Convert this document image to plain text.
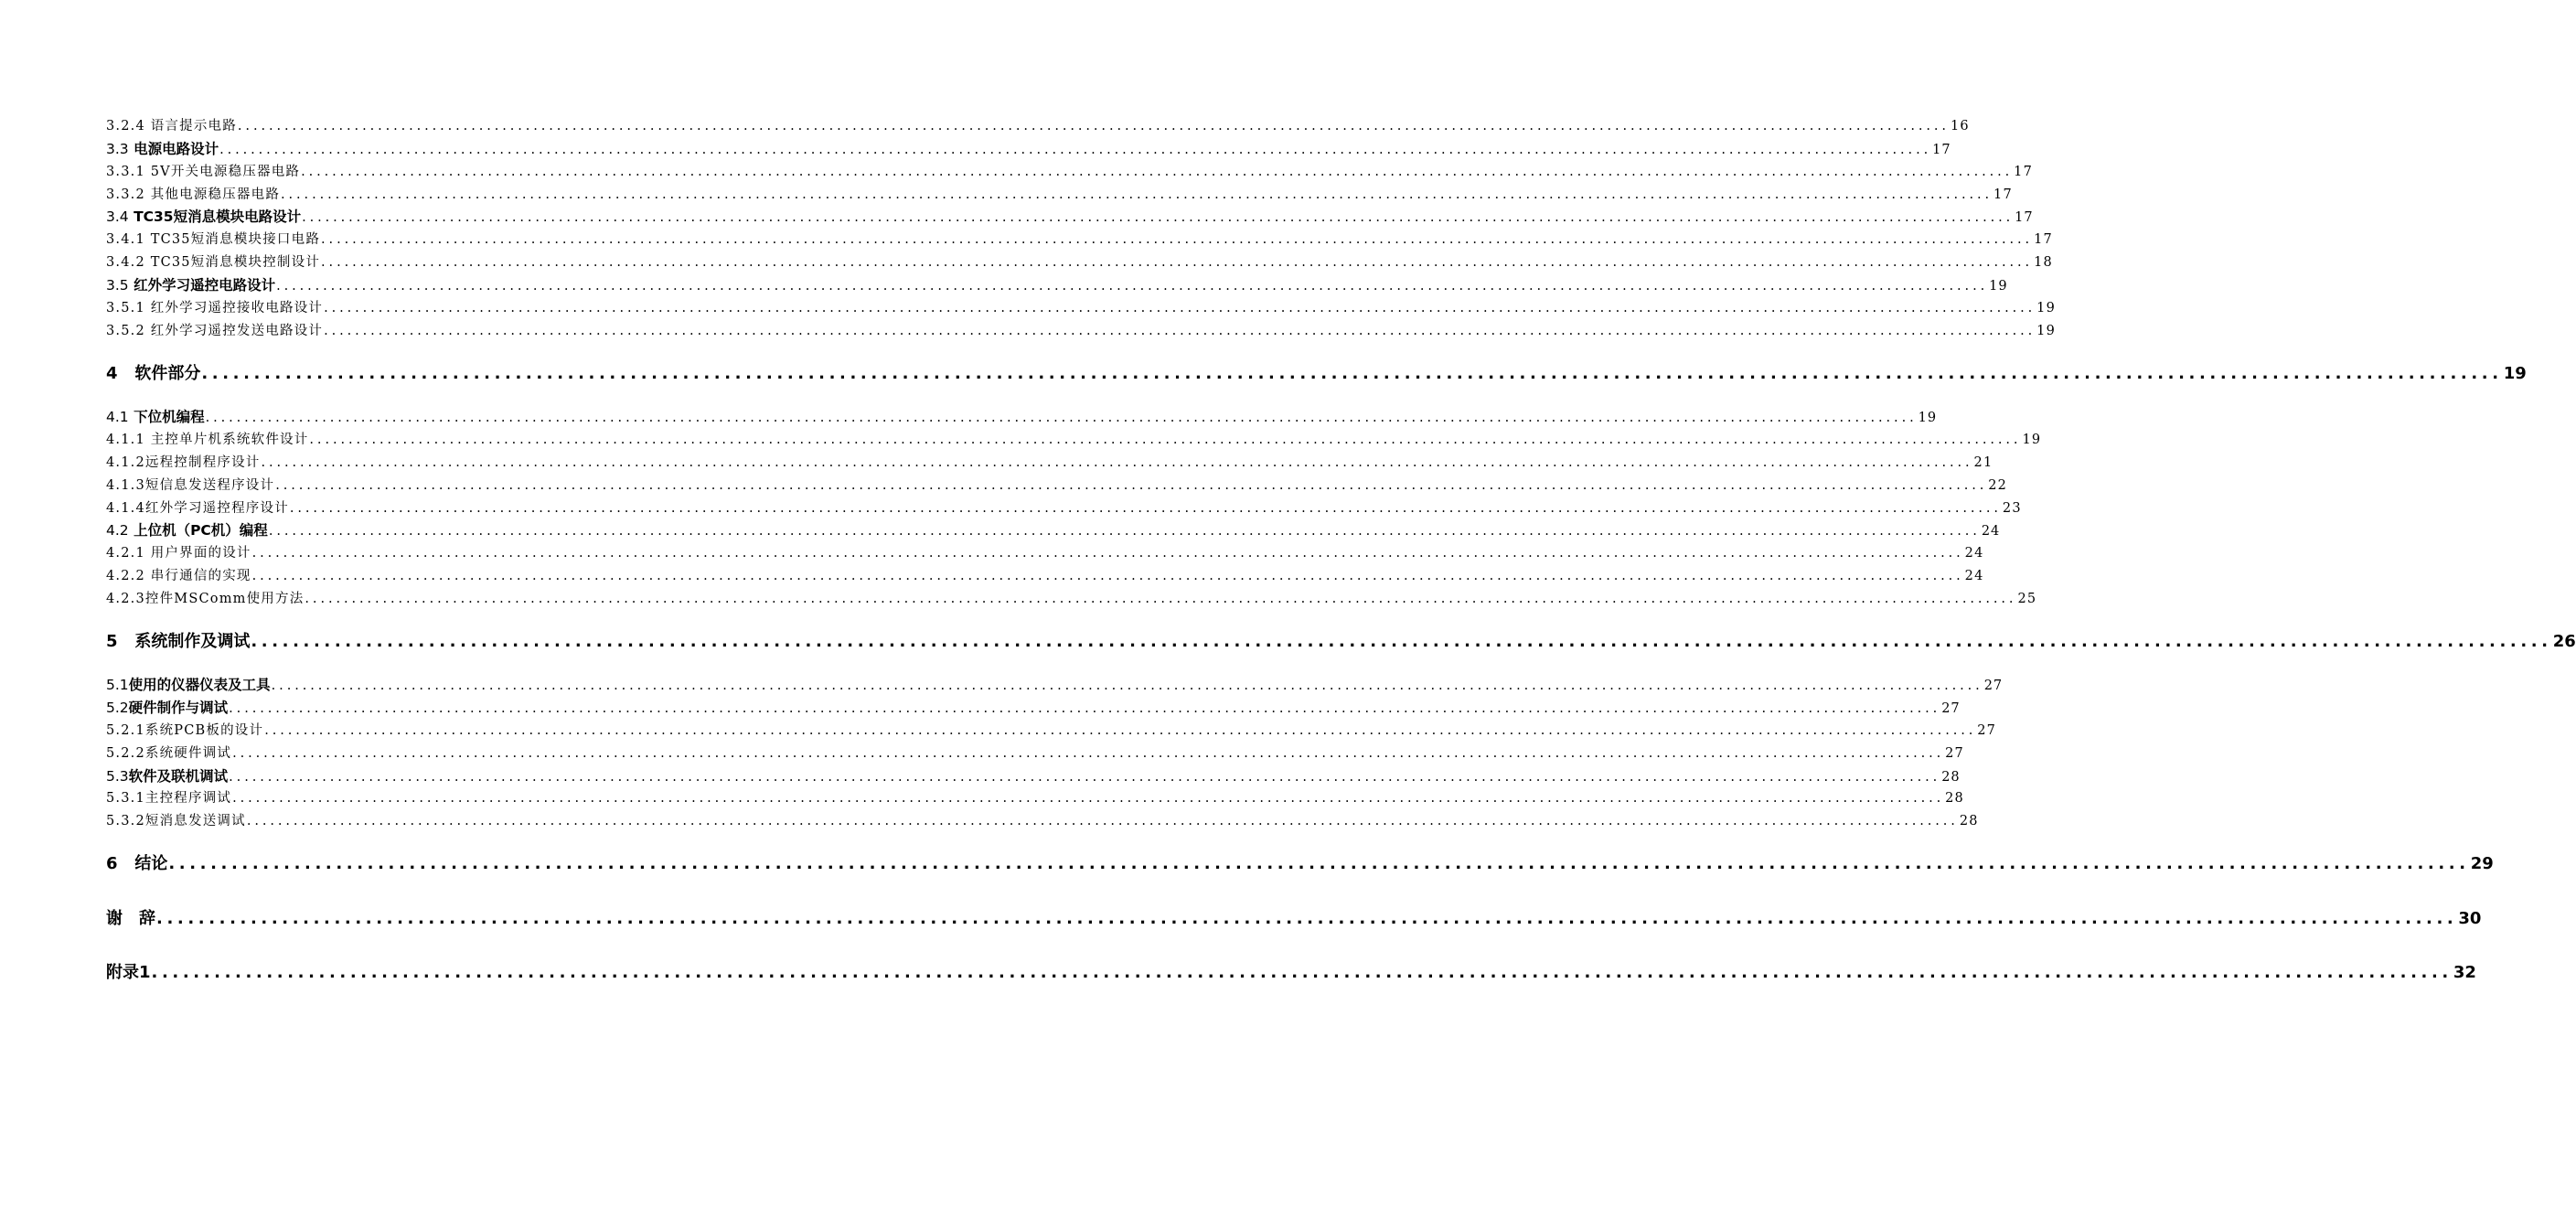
3.2.4 语言提示电路 ............................................................................................................................................................................................................................ 16
3.3 电源电路设计 ............................................................................................................................................................................................................................ 17
3.3.1 5V开关电源稳压器电路 ............................................................................................................................................................................................................................ 17
3.3.2 其他电源稳压器电路 ............................................................................................................................................................................................................................ 17
3.4 TC35短消息模块电路设计 ............................................................................................................................................................................................................................ 17
3.4.1 TC35短消息模块接口电路 ............................................................................................................................................................................................................................ 17
3.4.2 TC35短消息模块控制设计 ............................................................................................................................................................................................................................ 18
3.5 红外学习遥控电路设计 ............................................................................................................................................................................................................................ 19
3.5.1 红外学习遥控接收电路设计 ............................................................................................................................................................................................................................ 19
3.5.2 红外学习遥控发送电路设计 ............................................................................................................................................................................................................................ 19
4 软件部分 ............................................................................................................................................................................................................................ 19
4.1 下位机编程 ............................................................................................................................................................................................................................ 19
4.1.1 主控单片机系统软件设计 ............................................................................................................................................................................................................................ 19
4.1.2远程控制程序设计 ............................................................................................................................................................................................................................ 21
4.1.3短信息发送程序设计 ............................................................................................................................................................................................................................ 22
4.1.4红外学习遥控程序设计 ............................................................................................................................................................................................................................ 23
4.2 上位机（PC机）编程 ............................................................................................................................................................................................................................ 24
4.2.1 用户界面的设计 ............................................................................................................................................................................................................................ 24
4.2.2 串行通信的实现 ............................................................................................................................................................................................................................ 24
4.2.3控件MSComm使用方法 ............................................................................................................................................................................................................................ 25
5 系统制作及调试 ............................................................................................................................................................................................................................ 26
5.1使用的仪器仪表及工具 ............................................................................................................................................................................................................................ 27
5.2硬件制作与调试 ............................................................................................................................................................................................................................ 27
5.2.1系统PCB板的设计 ............................................................................................................................................................................................................................ 27
5.2.2系统硬件调试 ............................................................................................................................................................................................................................ 27
5.3软件及联机调试 ............................................................................................................................................................................................................................ 28
5.3.1主控程序调试 ............................................................................................................................................................................................................................ 28
5.3.2短消息发送调试 ............................................................................................................................................................................................................................ 28
6 结论 ............................................................................................................................................................................................................................ 29
谢　辞 ............................................................................................................................................................................................................................ 30
附录1 ............................................................................................................................................................................................................................ 32
